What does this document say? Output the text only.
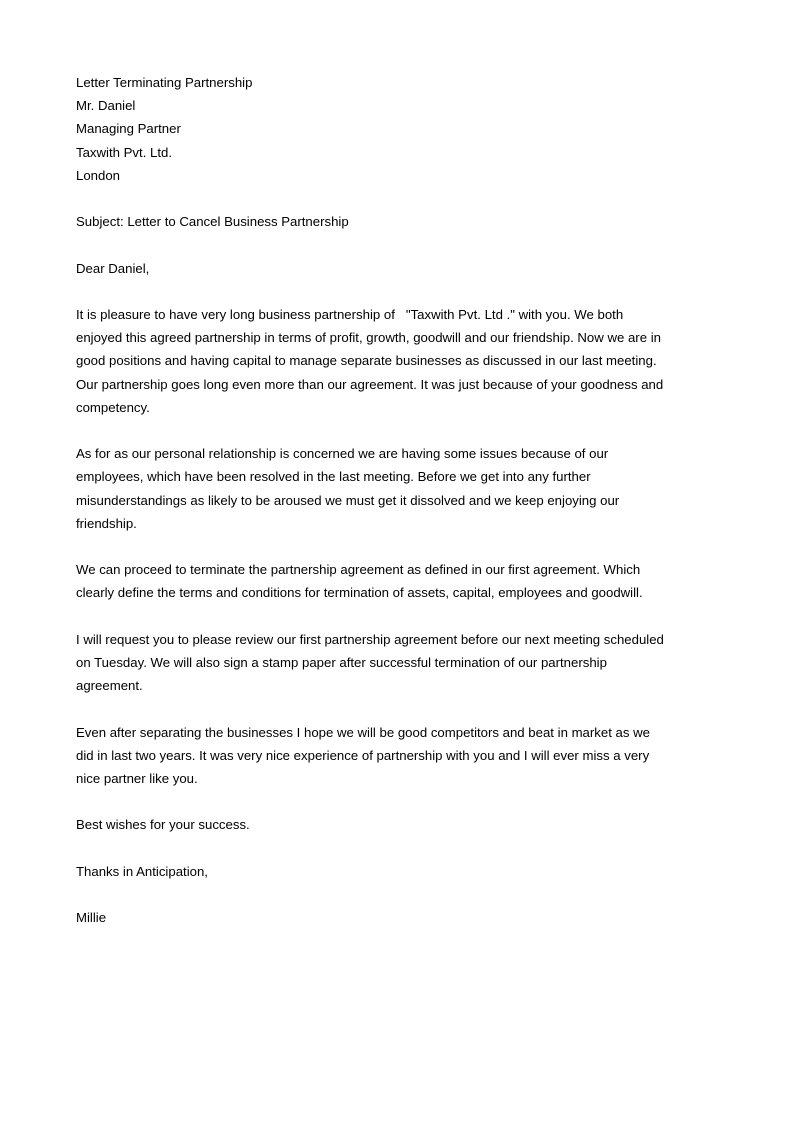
Letter Terminating Partnership
Mr. Daniel
Managing Partner
Taxwith Pvt. Ltd.
London
Subject: Letter to Cancel Business Partnership
Dear Daniel,

It is pleasure to have very long business partnership of   "Taxwith Pvt. Ltd ." with you. We both enjoyed this agreed partnership in terms of profit, growth, goodwill and our friendship. Now we are in good positions and having capital to manage separate businesses as discussed in our last meeting. Our partnership goes long even more than our agreement. It was just because of your goodness and competency.

As for as our personal relationship is concerned we are having some issues because of our employees, which have been resolved in the last meeting. Before we get into any further misunderstandings as likely to be aroused we must get it dissolved and we keep enjoying our friendship.

We can proceed to terminate the partnership agreement as defined in our first agreement. Which clearly define the terms and conditions for termination of assets, capital, employees and goodwill.

I will request you to please review our first partnership agreement before our next meeting scheduled on Tuesday. We will also sign a stamp paper after successful termination of our partnership agreement.

Even after separating the businesses I hope we will be good competitors and beat in market as we did in last two years. It was very nice experience of partnership with you and I will ever miss a very nice partner like you.

Best wishes for your success.
Thanks in Anticipation,
Millie
